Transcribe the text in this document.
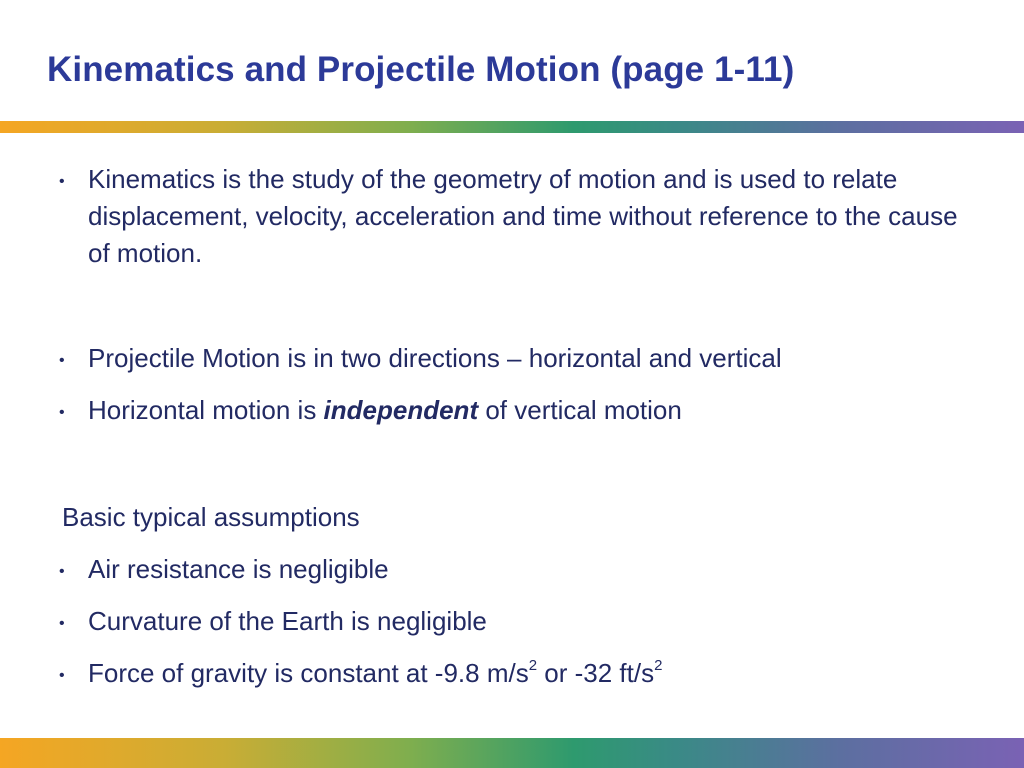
Kinematics and Projectile Motion (page 1-11)
• Kinematics is the study of the geometry of motion and is used to relate displacement, velocity, acceleration and time without reference to the cause of motion.
• Projectile Motion is in two directions – horizontal and vertical
• Horizontal motion is independent of vertical motion
Basic typical assumptions
• Air resistance is negligible
• Curvature of the Earth is negligible
• Force of gravity is constant at -9.8 $m/s^2$ or -32 $ft/s^2$
